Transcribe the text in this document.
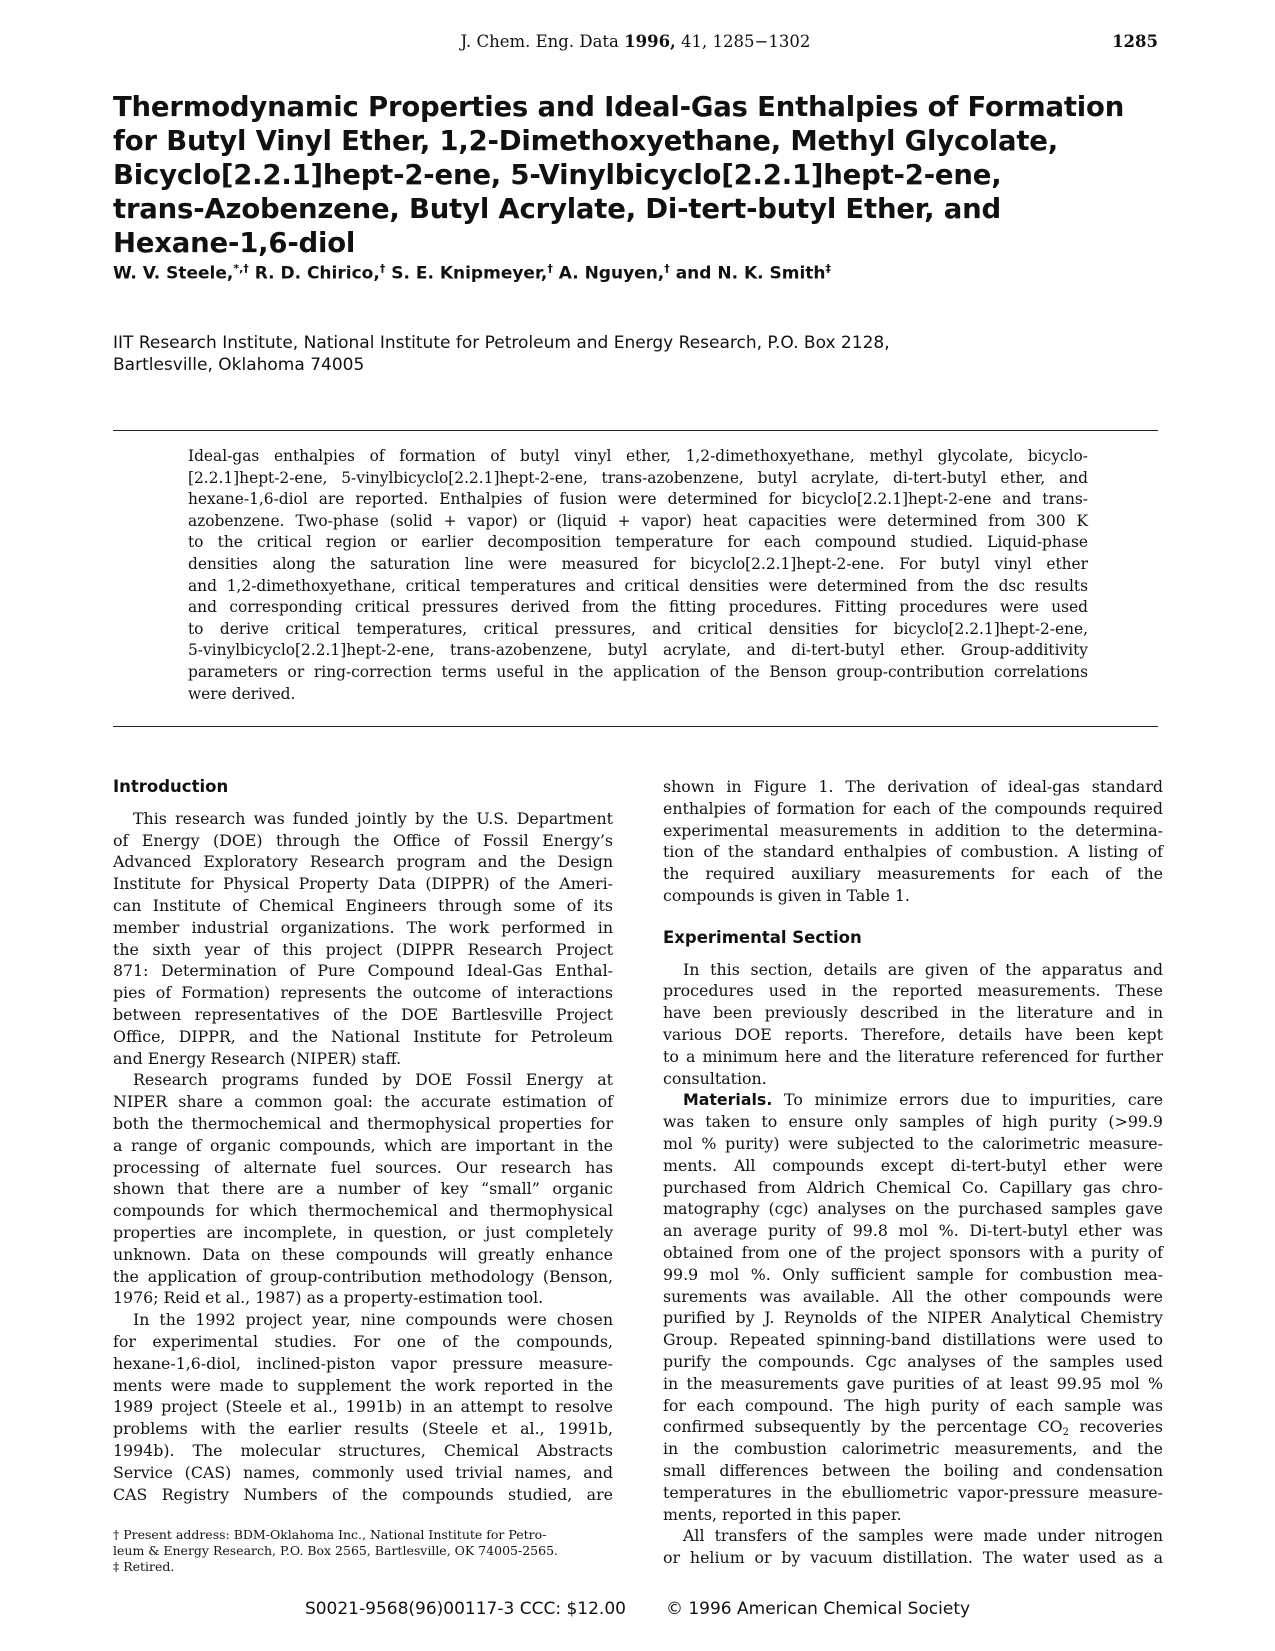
J. Chem. Eng. Data 1996, 41, 1285−1302	1285
Thermodynamic Properties and Ideal-Gas Enthalpies of Formation
for Butyl Vinyl Ether, 1,2-Dimethoxyethane, Methyl Glycolate,
Bicyclo[2.2.1]hept-2-ene, 5-Vinylbicyclo[2.2.1]hept-2-ene,
trans-Azobenzene, Butyl Acrylate, Di-tert-butyl Ether, and
Hexane-1,6-diol
W. V. Steele,*,† R. D. Chirico,† S. E. Knipmeyer,† A. Nguyen,† and N. K. Smith‡
IIT Research Institute, National Institute for Petroleum and Energy Research, P.O. Box 2128,
Bartlesville, Oklahoma 74005
Ideal-gas enthalpies of formation of butyl vinyl ether, 1,2-dimethoxyethane, methyl glycolate, bicyclo-
[2.2.1]hept-2-ene, 5-vinylbicyclo[2.2.1]hept-2-ene, trans-azobenzene, butyl acrylate, di-tert-butyl ether, and
hexane-1,6-diol are reported. Enthalpies of fusion were determined for bicyclo[2.2.1]hept-2-ene and trans-
azobenzene. Two-phase (solid + vapor) or (liquid + vapor) heat capacities were determined from 300 K
to the critical region or earlier decomposition temperature for each compound studied. Liquid-phase
densities along the saturation line were measured for bicyclo[2.2.1]hept-2-ene. For butyl vinyl ether
and 1,2-dimethoxyethane, critical temperatures and critical densities were determined from the dsc results
and corresponding critical pressures derived from the fitting procedures. Fitting procedures were used
to derive critical temperatures, critical pressures, and critical densities for bicyclo[2.2.1]hept-2-ene,
5-vinylbicyclo[2.2.1]hept-2-ene, trans-azobenzene, butyl acrylate, and di-tert-butyl ether. Group-additivity
parameters or ring-correction terms useful in the application of the Benson group-contribution correlations
were derived.
Introduction
This research was funded jointly by the U.S. Department
of Energy (DOE) through the Office of Fossil Energy’s
Advanced Exploratory Research program and the Design
Institute for Physical Property Data (DIPPR) of the Ameri-
can Institute of Chemical Engineers through some of its
member industrial organizations. The work performed in
the sixth year of this project (DIPPR Research Project
871: Determination of Pure Compound Ideal-Gas Enthal-
pies of Formation) represents the outcome of interactions
between representatives of the DOE Bartlesville Project
Office, DIPPR, and the National Institute for Petroleum
and Energy Research (NIPER) staff.
Research programs funded by DOE Fossil Energy at
NIPER share a common goal: the accurate estimation of
both the thermochemical and thermophysical properties for
a range of organic compounds, which are important in the
processing of alternate fuel sources. Our research has
shown that there are a number of key “small” organic
compounds for which thermochemical and thermophysical
properties are incomplete, in question, or just completely
unknown. Data on these compounds will greatly enhance
the application of group-contribution methodology (Benson,
1976; Reid et al., 1987) as a property-estimation tool.
In the 1992 project year, nine compounds were chosen
for experimental studies. For one of the compounds,
hexane-1,6-diol, inclined-piston vapor pressure measure-
ments were made to supplement the work reported in the
1989 project (Steele et al., 1991b) in an attempt to resolve
problems with the earlier results (Steele et al., 1991b,
1994b). The molecular structures, Chemical Abstracts
Service (CAS) names, commonly used trivial names, and
CAS Registry Numbers of the compounds studied, are
shown in Figure 1. The derivation of ideal-gas standard
enthalpies of formation for each of the compounds required
experimental measurements in addition to the determina-
tion of the standard enthalpies of combustion. A listing of
the required auxiliary measurements for each of the
compounds is given in Table 1.
Experimental Section
In this section, details are given of the apparatus and
procedures used in the reported measurements. These
have been previously described in the literature and in
various DOE reports. Therefore, details have been kept
to a minimum here and the literature referenced for further
consultation.
Materials. To minimize errors due to impurities, care
was taken to ensure only samples of high purity (>99.9
mol % purity) were subjected to the calorimetric measure-
ments. All compounds except di-tert-butyl ether were
purchased from Aldrich Chemical Co. Capillary gas chro-
matography (cgc) analyses on the purchased samples gave
an average purity of 99.8 mol %. Di-tert-butyl ether was
obtained from one of the project sponsors with a purity of
99.9 mol %. Only sufficient sample for combustion mea-
surements was available. All the other compounds were
purified by J. Reynolds of the NIPER Analytical Chemistry
Group. Repeated spinning-band distillations were used to
purify the compounds. Cgc analyses of the samples used
in the measurements gave purities of at least 99.95 mol %
for each compound. The high purity of each sample was
confirmed subsequently by the percentage $CO_2$ recoveries
in the combustion calorimetric measurements, and the
small differences between the boiling and condensation
temperatures in the ebulliometric vapor-pressure measure-
ments, reported in this paper.
All transfers of the samples were made under nitrogen
or helium or by vacuum distillation. The water used as a
† Present address: BDM-Oklahoma Inc., National Institute for Petro-
leum & Energy Research, P.O. Box 2565, Bartlesville, OK 74005-2565.
‡ Retired.
S0021-9568(96)00117-3 CCC: $12.00 © 1996 American Chemical Society
